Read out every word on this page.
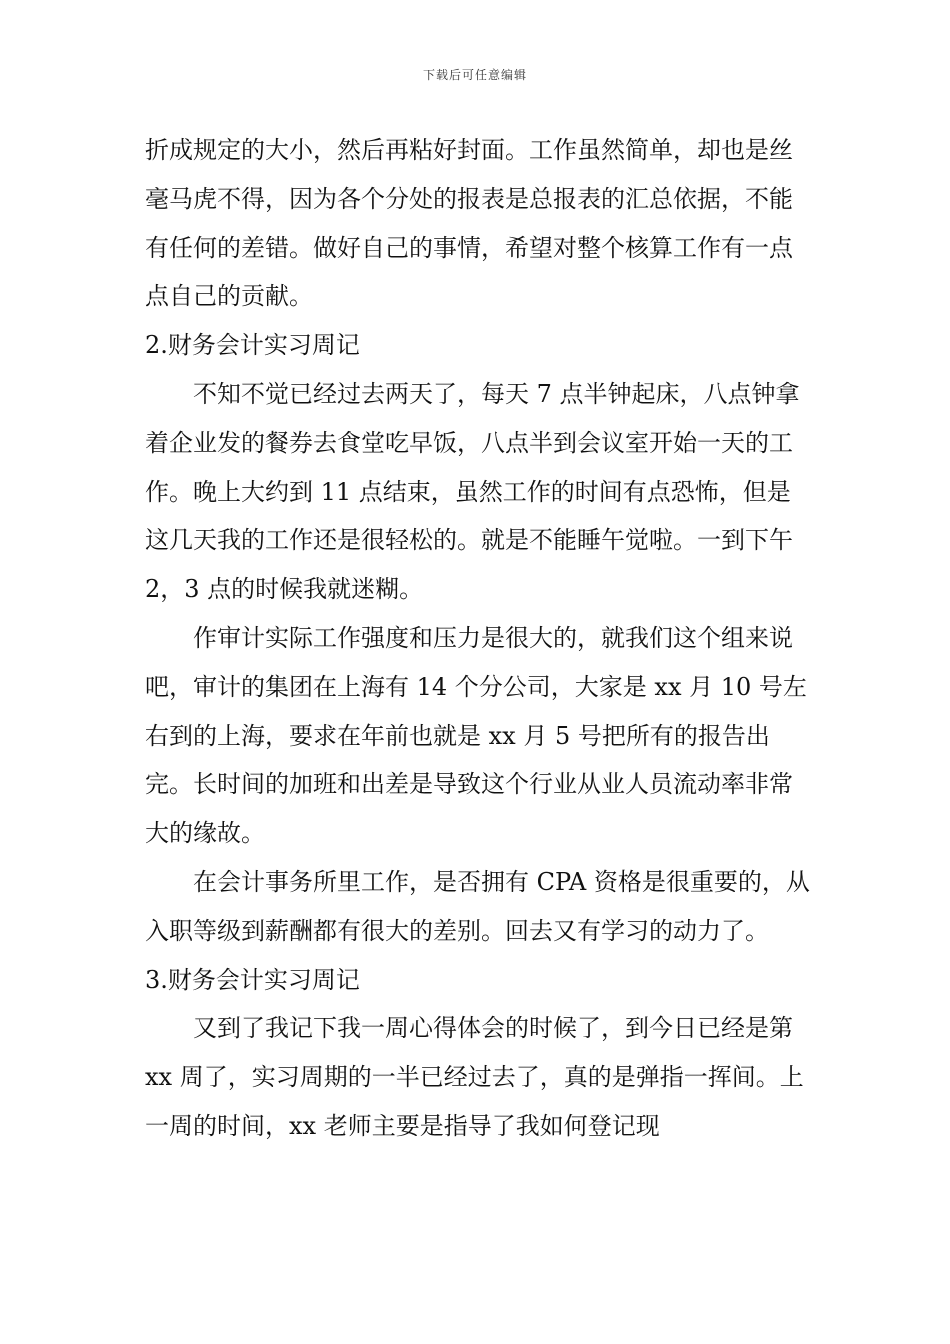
下载后可任意编辑

折成规定的大小，然后再粘好封面。工作虽然简单，却也是丝毫马虎不得，因为各个分处的报表是总报表的汇总依据，不能有任何的差错。做好自己的事情，希望对整个核算工作有一点点自己的贡献。

2.财务会计实习周记

不知不觉已经过去两天了，每天 7 点半钟起床，八点钟拿着企业发的餐券去食堂吃早饭，八点半到会议室开始一天的工作。晚上大约到 11 点结束，虽然工作的时间有点恐怖，但是这几天我的工作还是很轻松的。就是不能睡午觉啦。一到下午 2，3 点的时候我就迷糊。

作审计实际工作强度和压力是很大的，就我们这个组来说吧，审计的集团在上海有 14 个分公司，大家是 xx 月 10 号左右到的上海，要求在年前也就是 xx 月 5 号把所有的报告出完。长时间的加班和出差是导致这个行业从业人员流动率非常大的缘故。

在会计事务所里工作，是否拥有 CPA 资格是很重要的，从入职等级到薪酬都有很大的差别。回去又有学习的动力了。

3.财务会计实习周记

又到了我记下我一周心得体会的时候了，到今日已经是第 xx 周了，实习周期的一半已经过去了，真的是弹指一挥间。上一周的时间，xx 老师主要是指导了我如何登记现
